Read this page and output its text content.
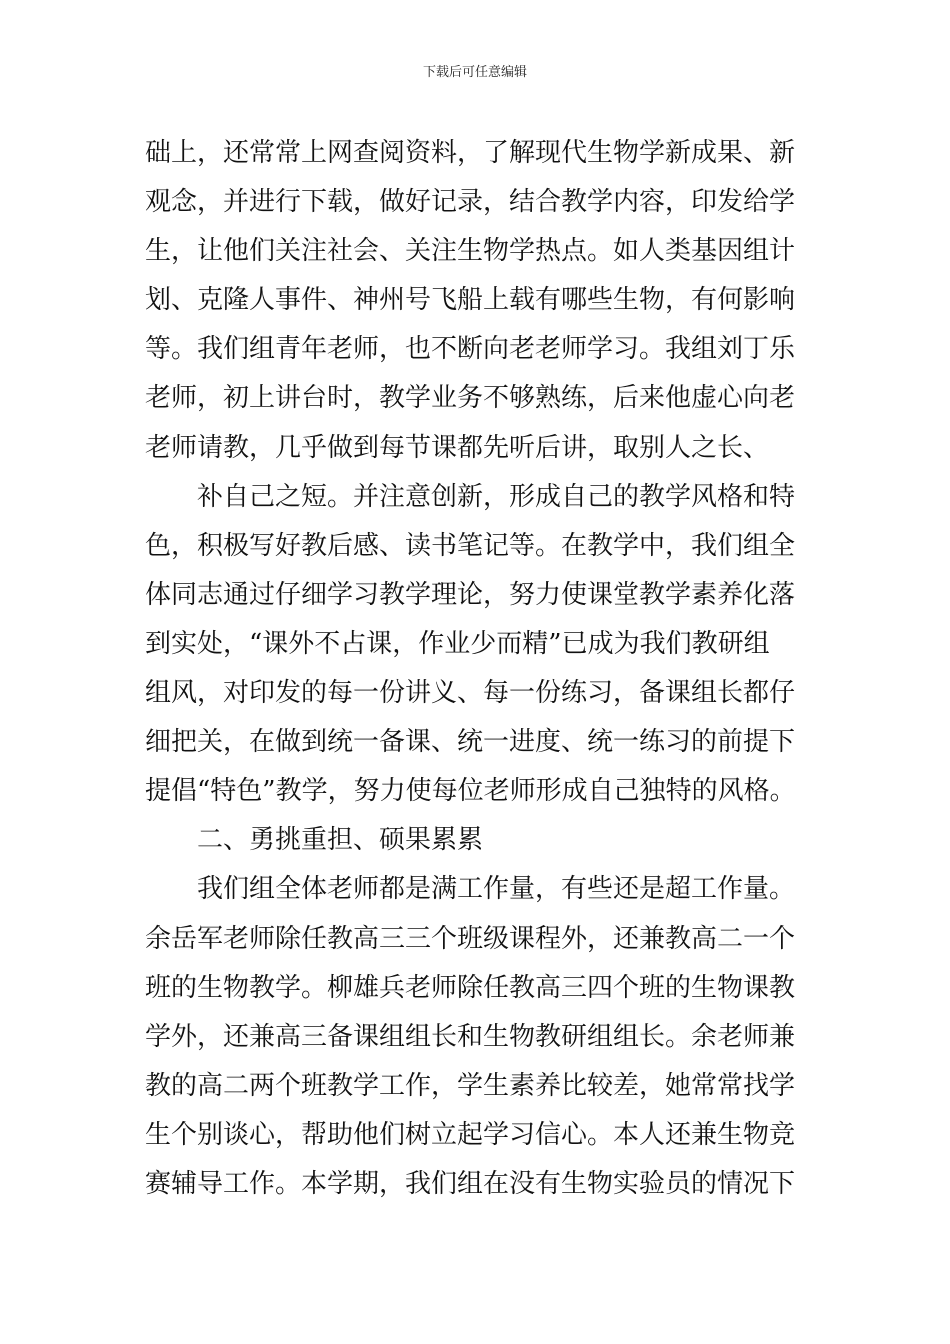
下载后可任意编辑
础上，还常常上网查阅资料，了解现代生物学新成果、新
观念，并进行下载，做好记录，结合教学内容，印发给学
生，让他们关注社会、关注生物学热点。如人类基因组计
划、克隆人事件、神州号飞船上载有哪些生物，有何影响
等。我们组青年老师，也不断向老老师学习。我组刘丁乐
老师，初上讲台时，教学业务不够熟练，后来他虚心向老
老师请教，几乎做到每节课都先听后讲，取别人之长、
补自己之短。并注意创新，形成自己的教学风格和特
色，积极写好教后感、读书笔记等。在教学中，我们组全
体同志通过仔细学习教学理论，努力使课堂教学素养化落
到实处，“课外不占课，作业少而精”已成为我们教研组
组风，对印发的每一份讲义、每一份练习，备课组长都仔
细把关，在做到统一备课、统一进度、统一练习的前提下
提倡“特色”教学，努力使每位老师形成自己独特的风格。
二、勇挑重担、硕果累累
我们组全体老师都是满工作量，有些还是超工作量。
余岳军老师除任教高三三个班级课程外，还兼教高二一个
班的生物教学。柳雄兵老师除任教高三四个班的生物课教
学外，还兼高三备课组组长和生物教研组组长。余老师兼
教的高二两个班教学工作，学生素养比较差，她常常找学
生个别谈心，帮助他们树立起学习信心。本人还兼生物竞
赛辅导工作。本学期，我们组在没有生物实验员的情况下
